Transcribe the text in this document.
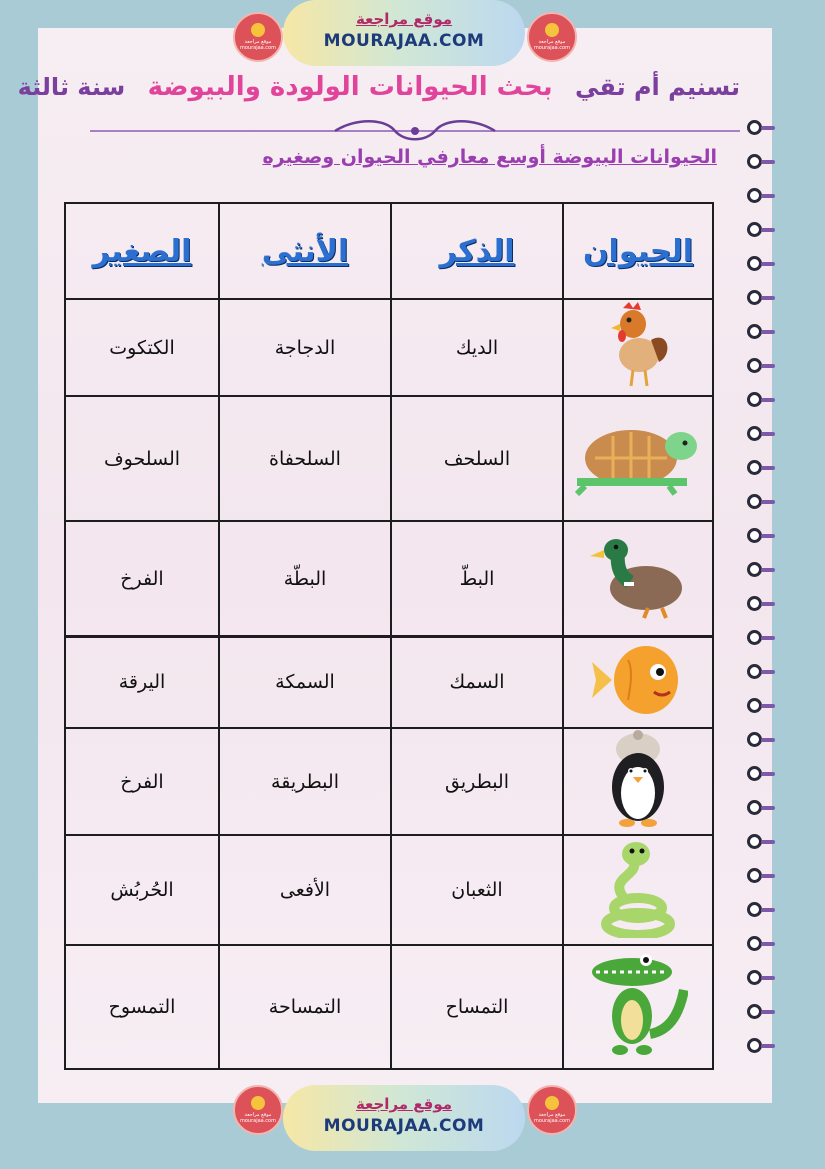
موقع مراجعة
mourajaa.com
موقع مراجعة
MOURAJAA.COM	موقع مراجعة
mourajaa.com
تسنيم أم تقي بحث الحيوانات الولودة والبيوضة سنة ثالثة
الحيوانات البيوضة أوسع معارفي الحيوان وصغيره
الحيوان	الذكر	الأنثى	الصغير
	الديك	الدجاجة	الكتكوت
	السلحف	السلحفاة	السلحوف
	البطّ	البطّة	الفرخ
	السمك	السمكة	اليرقة
	البطريق	البطريقة	الفرخ
	الثعبان	الأفعى	الحُربُش
	التمساح	التمساحة	التمسوح
موقع مراجعة
mourajaa.com
موقع مراجعة
MOURAJAA.COM
موقع مراجعة
mourajaa.com
